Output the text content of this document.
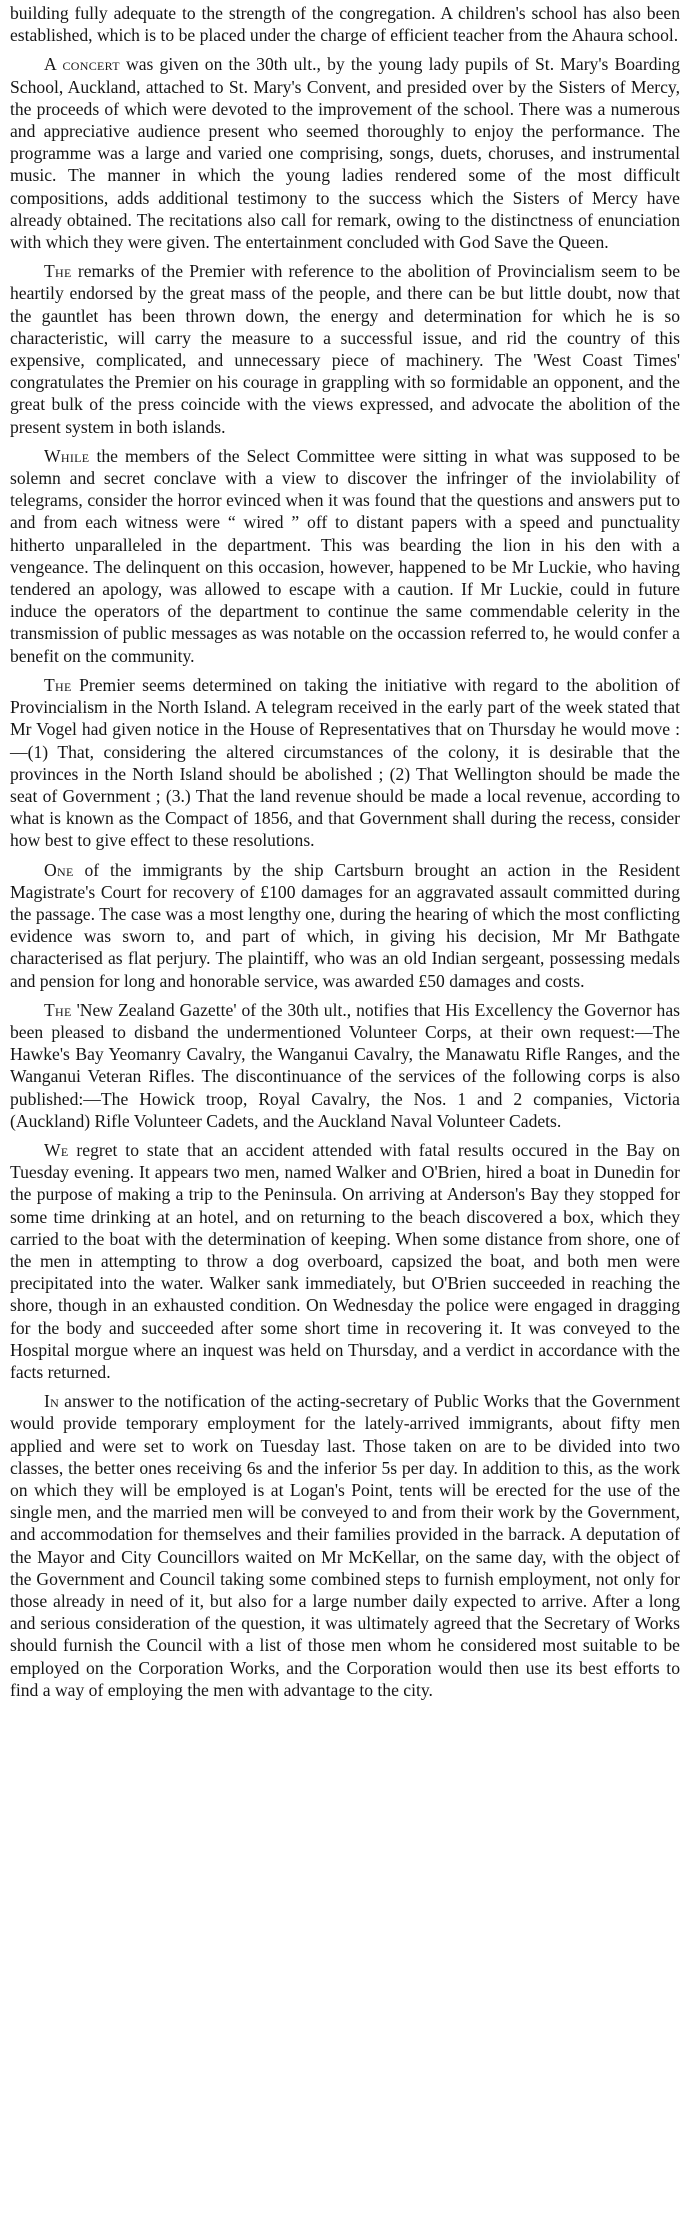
building fully adequate to the strength of the congregation. A children's school has also been established, which is to be placed under the charge of efficient teacher from the Ahaura school.

A concert was given on the 30th ult., by the young lady pupils of St. Mary's Boarding School, Auckland, attached to St. Mary's Convent, and presided over by the Sisters of Mercy, the proceeds of which were devoted to the improvement of the school. There was a numerous and appreciative audience present who seemed thoroughly to enjoy the performance. The programme was a large and varied one comprising, songs, duets, choruses, and instrumental music. The manner in which the young ladies rendered some of the most difficult compositions, adds additional testimony to the success which the Sisters of Mercy have already obtained. The recitations also call for remark, owing to the distinctness of enunciation with which they were given. The entertainment concluded with God Save the Queen.

The remarks of the Premier with reference to the abolition of Provincialism seem to be heartily endorsed by the great mass of the people, and there can be but little doubt, now that the gauntlet has been thrown down, the energy and determination for which he is so characteristic, will carry the measure to a successful issue, and rid the country of this expensive, complicated, and unnecessary piece of machinery. The 'West Coast Times' congratulates the Premier on his courage in grappling with so formidable an opponent, and the great bulk of the press coincide with the views expressed, and advocate the abolition of the present system in both islands.

While the members of the Select Committee were sitting in what was supposed to be solemn and secret conclave with a view to discover the infringer of the inviolability of telegrams, consider the horror evinced when it was found that the questions and answers put to and from each witness were “ wired ” off to distant papers with a speed and punctuality hitherto unparalleled in the department. This was bearding the lion in his den with a vengeance. The delinquent on this occasion, however, happened to be Mr Luckie, who having tendered an apology, was allowed to escape with a caution. If Mr Luckie, could in future induce the operators of the department to continue the same commendable celerity in the transmission of public messages as was notable on the occassion referred to, he would confer a benefit on the community.

The Premier seems determined on taking the initiative with regard to the abolition of Provincialism in the North Island. A telegram received in the early part of the week stated that Mr Vogel had given notice in the House of Representatives that on Thursday he would move :—(1) That, considering the altered circumstances of the colony, it is desirable that the provinces in the North Island should be abolished ; (2) That Wellington should be made the seat of Government ; (3.) That the land revenue should be made a local revenue, according to what is known as the Compact of 1856, and that Government shall during the recess, consider how best to give effect to these resolutions.

One of the immigrants by the ship Cartsburn brought an action in the Resident Magistrate's Court for recovery of £100 damages for an aggravated assault committed during the passage. The case was a most lengthy one, during the hearing of which the most conflicting evidence was sworn to, and part of which, in giving his decision, Mr Mr Bathgate characterised as flat perjury. The plaintiff, who was an old Indian sergeant, possessing medals and pension for long and honorable service, was awarded £50 damages and costs.

The 'New Zealand Gazette' of the 30th ult., notifies that His Excellency the Governor has been pleased to disband the undermentioned Volunteer Corps, at their own request:—The Hawke's Bay Yeomanry Cavalry, the Wanganui Cavalry, the Manawatu Rifle Ranges, and the Wanganui Veteran Rifles. The discontinuance of the services of the following corps is also published:—The Howick troop, Royal Cavalry, the Nos. 1 and 2 companies, Victoria (Auckland) Rifle Volunteer Cadets, and the Auckland Naval Volunteer Cadets.

We regret to state that an accident attended with fatal results occured in the Bay on Tuesday evening. It appears two men, named Walker and O'Brien, hired a boat in Dunedin for the purpose of making a trip to the Peninsula. On arriving at Anderson's Bay they stopped for some time drinking at an hotel, and on returning to the beach discovered a box, which they carried to the boat with the determination of keeping. When some distance from shore, one of the men in attempting to throw a dog overboard, capsized the boat, and both men were precipitated into the water. Walker sank immediately, but O'Brien succeeded in reaching the shore, though in an exhausted condition. On Wednesday the police were engaged in dragging for the body and succeeded after some short time in recovering it. It was conveyed to the Hospital morgue where an inquest was held on Thursday, and a verdict in accordance with the facts returned.

In answer to the notification of the acting-secretary of Public Works that the Government would provide temporary employment for the lately-arrived immigrants, about fifty men applied and were set to work on Tuesday last. Those taken on are to be divided into two classes, the better ones receiving 6s and the inferior 5s per day. In addition to this, as the work on which they will be employed is at Logan's Point, tents will be erected for the use of the single men, and the married men will be conveyed to and from their work by the Government, and accommodation for themselves and their families provided in the barrack. A deputation of the Mayor and City Councillors waited on Mr McKellar, on the same day, with the object of the Government and Council taking some combined steps to furnish employment, not only for those already in need of it, but also for a large number daily expected to arrive. After a long and serious consideration of the question, it was ultimately agreed that the Secretary of Works should furnish the Council with a list of those men whom he considered most suitable to be employed on the Corporation Works, and the Corporation would then use its best efforts to find a way of employing the men with advantage to the city.
